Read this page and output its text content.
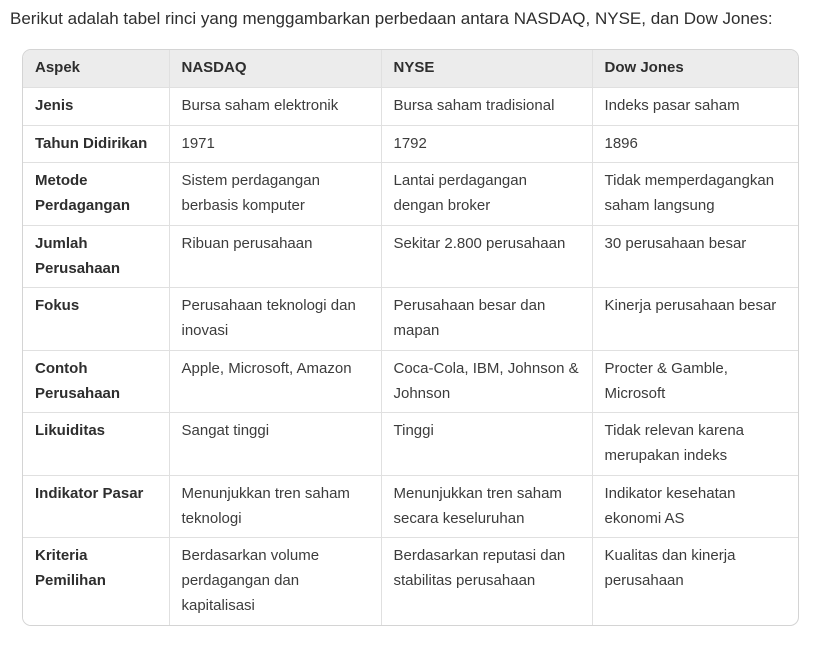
Berikut adalah tabel rinci yang menggambarkan perbedaan antara NASDAQ, NYSE, dan Dow Jones:

Aspek	NASDAQ	NYSE	Dow Jones
Jenis	Bursa saham elektronik	Bursa saham tradisional	Indeks pasar saham
Tahun Didirikan	1971	1792	1896
Metode Perdagangan	Sistem perdagangan berbasis komputer	Lantai perdagangan dengan broker	Tidak memperdagangkan saham langsung
Jumlah Perusahaan	Ribuan perusahaan	Sekitar 2.800 perusahaan	30 perusahaan besar
Fokus	Perusahaan teknologi dan inovasi	Perusahaan besar dan mapan	Kinerja perusahaan besar
Contoh Perusahaan	Apple, Microsoft, Amazon	Coca-Cola, IBM, Johnson & Johnson	Procter & Gamble, Microsoft
Likuiditas	Sangat tinggi	Tinggi	Tidak relevan karena merupakan indeks
Indikator Pasar	Menunjukkan tren saham teknologi	Menunjukkan tren saham secara keseluruhan	Indikator kesehatan ekonomi AS
Kriteria Pemilihan	Berdasarkan volume perdagangan dan kapitalisasi	Berdasarkan reputasi dan stabilitas perusahaan	Kualitas dan kinerja perusahaan
